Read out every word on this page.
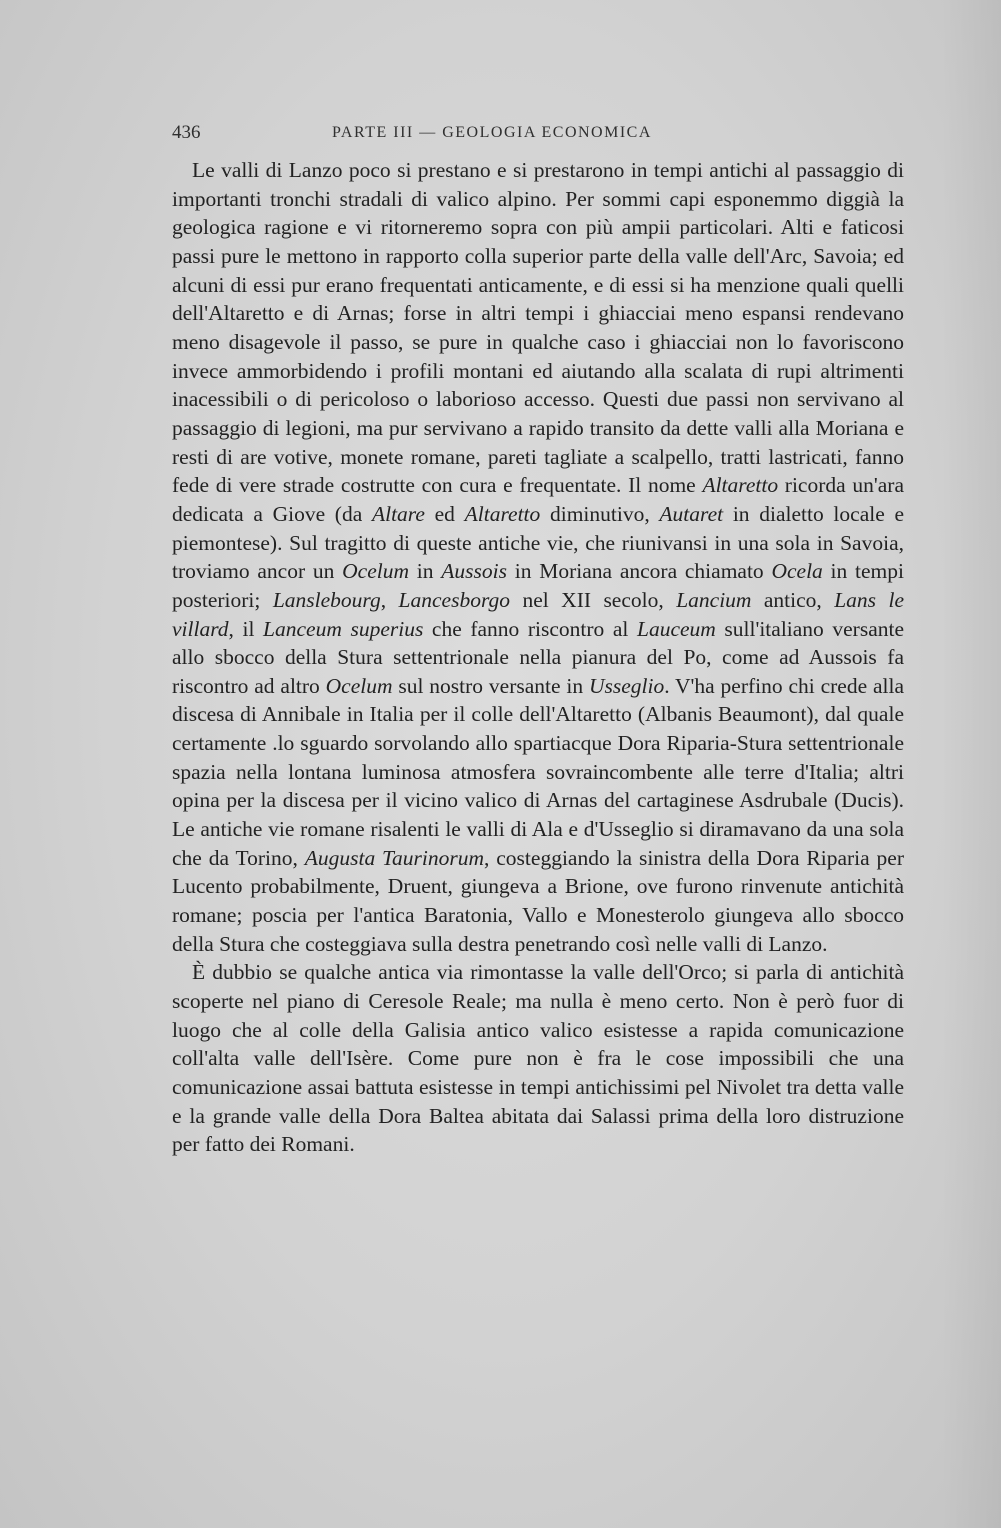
436	PARTE III — GEOLOGIA ECONOMICA

Le valli di Lanzo poco si prestano e si prestarono in tempi antichi al passaggio di importanti tronchi stradali di valico alpino. Per sommi capi esponemmo diggià la geologica ragione e vi ritorneremo sopra con più ampii particolari. Alti e faticosi passi pure le mettono in rapporto colla superior parte della valle dell'Arc, Savoia; ed alcuni di essi pur erano frequentati anticamente, e di essi si ha menzione quali quelli dell'Altaretto e di Arnas; forse in altri tempi i ghiacciai meno espansi rendevano meno disagevole il passo, se pure in qualche caso i ghiacciai non lo favoriscono invece ammorbidendo i profili montani ed aiutando alla scalata di rupi altrimenti inacessibili o di pericoloso o laborioso accesso. Questi due passi non servivano al passaggio di legioni, ma pur servivano a rapido transito da dette valli alla Moriana e resti di are votive, monete romane, pareti tagliate a scalpello, tratti lastricati, fanno fede di vere strade costrutte con cura e frequentate. Il nome Altaretto ricorda un'ara dedicata a Giove (da Altare ed Altaretto diminutivo, Autaret in dialetto locale e piemontese). Sul tragitto di queste antiche vie, che riunivansi in una sola in Savoia, troviamo ancor un Ocelum in Aussois in Moriana ancora chiamato Ocela in tempi posteriori; Lanslebourg, Lancesborgo nel XII secolo, Lancium antico, Lans le villard, il Lanceum superius che fanno riscontro al Lauceum sull'italiano versante allo sbocco della Stura settentrionale nella pianura del Po, come ad Aussois fa riscontro ad altro Ocelum sul nostro versante in Usseglio. V'ha perfino chi crede alla discesa di Annibale in Italia per il colle dell'Altaretto (Albanis Beaumont), dal quale certamente .lo sguardo sorvolando allo spartiacque Dora Riparia-Stura settentrionale spazia nella lontana luminosa atmosfera sovraincombente alle terre d'Italia; altri opina per la discesa per il vicino valico di Arnas del cartaginese Asdrubale (Ducis). Le antiche vie romane risalenti le valli di Ala e d'Usseglio si diramavano da una sola che da Torino, Augusta Taurinorum, costeggiando la sinistra della Dora Riparia per Lucento probabilmente, Druent, giungeva a Brione, ove furono rinvenute antichità romane; poscia per l'antica Baratonia, Vallo e Monesterolo giungeva allo sbocco della Stura che costeggiava sulla destra penetrando così nelle valli di Lanzo.

È dubbio se qualche antica via rimontasse la valle dell'Orco; si parla di antichità scoperte nel piano di Ceresole Reale; ma nulla è meno certo. Non è però fuor di luogo che al colle della Galisia antico valico esistesse a rapida comunicazione coll'alta valle dell'Isère. Come pure non è fra le cose impossibili che una comunicazione assai battuta esistesse in tempi antichissimi pel Nivolet tra detta valle e la grande valle della Dora Baltea abitata dai Salassi prima della loro distruzione per fatto dei Romani.
